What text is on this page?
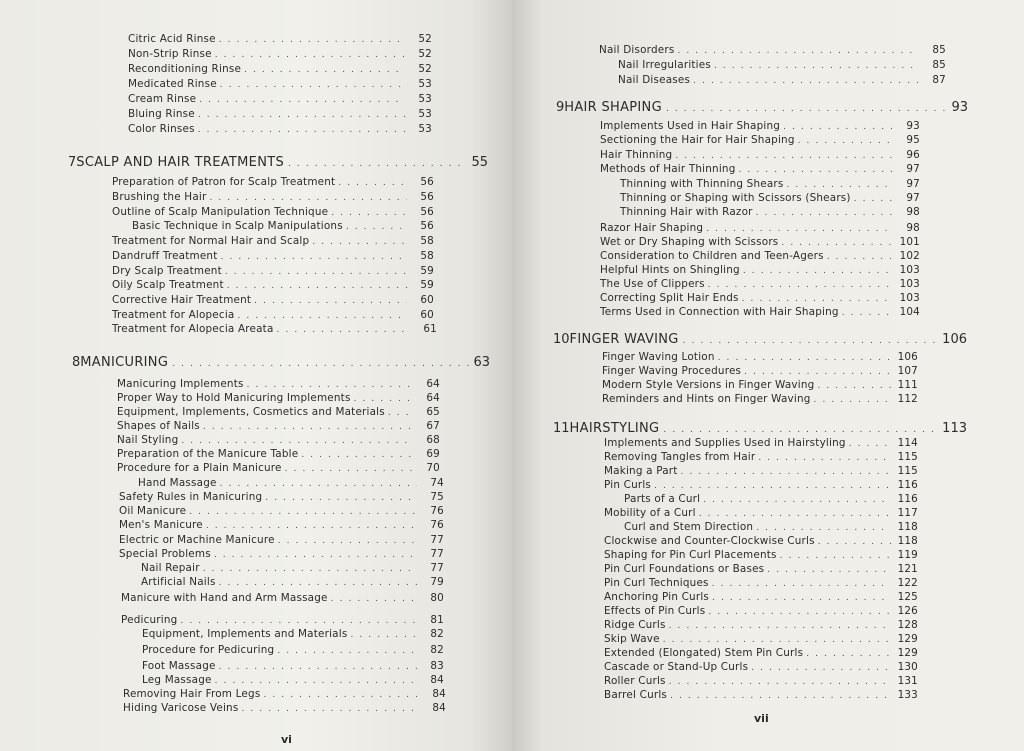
Citric Acid Rinse . . .	52
Non-Strip Rinse . . .	52
Reconditioning Rinse . . .	52
Medicated Rinse . . .	53
Cream Rinse . . .	53
Bluing Rinse . . .	53
Color Rinses . . .	53
7 SCALP AND HAIR TREATMENTS . . .	55
Preparation of Patron for Scalp Treatment . . .	56
Brushing the Hair . . .	56
Outline of Scalp Manipulation Technique . . .	56
Basic Technique in Scalp Manipulations . . .	56
Treatment for Normal Hair and Scalp . . .	58
Dandruff Treatment . . .	58
Dry Scalp Treatment . . .	59
Oily Scalp Treatment . . .	59
Corrective Hair Treatment . . .	60
Treatment for Alopecia . . .	60
Treatment for Alopecia Areata . . .	61
8 MANICURING . . .	63
Manicuring Implements . . .	64
Proper Way to Hold Manicuring Implements . . .	64
Equipment, Implements, Cosmetics and Materials . . .	65
Shapes of Nails . . .	67
Nail Styling . . .	68
Preparation of the Manicure Table . . .	69
Procedure for a Plain Manicure . . .	70
Hand Massage . . .	74
Safety Rules in Manicuring . . .	75
Oil Manicure . . .	76
Men's Manicure . . .	76
Electric or Machine Manicure . . .	77
Special Problems . . .	77
Nail Repair . . .	77
Artificial Nails . . .	79
Manicure with Hand and Arm Massage . . .	80
Pedicuring . . .	81
Equipment, Implements and Materials . . .	82
Procedure for Pedicuring . . .	82
Foot Massage . . .	83
Leg Massage . . .	84
Removing Hair From Legs . . .	84
Hiding Varicose Veins . . .	84
vi
Nail Disorders . . .	85
Nail Irregularities . . .	85
Nail Diseases . . .	87
9 HAIR SHAPING . . .	93
Implements Used in Hair Shaping . . .	93
Sectioning the Hair for Hair Shaping . . .	95
Hair Thinning . . .	96
Methods of Hair Thinning . . .	97
Thinning with Thinning Shears . . .	97
Thinning or Shaping with Scissors (Shears) . . .	97
Thinning Hair with Razor . . .	98
Razor Hair Shaping . . .	98
Wet or Dry Shaping with Scissors . . .	101
Consideration to Children and Teen-Agers . . .	102
Helpful Hints on Shingling . . .	103
The Use of Clippers . . .	103
Correcting Split Hair Ends . . .	103
Terms Used in Connection with Hair Shaping . . .	104
10 FINGER WAVING . . .	106
Finger Waving Lotion . . .	106
Finger Waving Procedures . . .	107
Modern Style Versions in Finger Waving . . .	111
Reminders and Hints on Finger Waving . . .	112
11 HAIRSTYLING . . .	113
Implements and Supplies Used in Hairstyling . . .	114
Removing Tangles from Hair . . .	115
Making a Part . . .	115
Pin Curls . . .	116
Parts of a Curl . . .	116
Mobility of a Curl . . .	117
Curl and Stem Direction . . .	118
Clockwise and Counter-Clockwise Curls . . .	118
Shaping for Pin Curl Placements . . .	119
Pin Curl Foundations or Bases . . .	121
Pin Curl Techniques . . .	122
Anchoring Pin Curls . . .	125
Effects of Pin Curls . . .	126
Ridge Curls . . .	128
Skip Wave . . .	129
Extended (Elongated) Stem Pin Curls . . .	129
Cascade or Stand-Up Curls . . .	130
Roller Curls . . .	131
Barrel Curls . . .	133
vii
